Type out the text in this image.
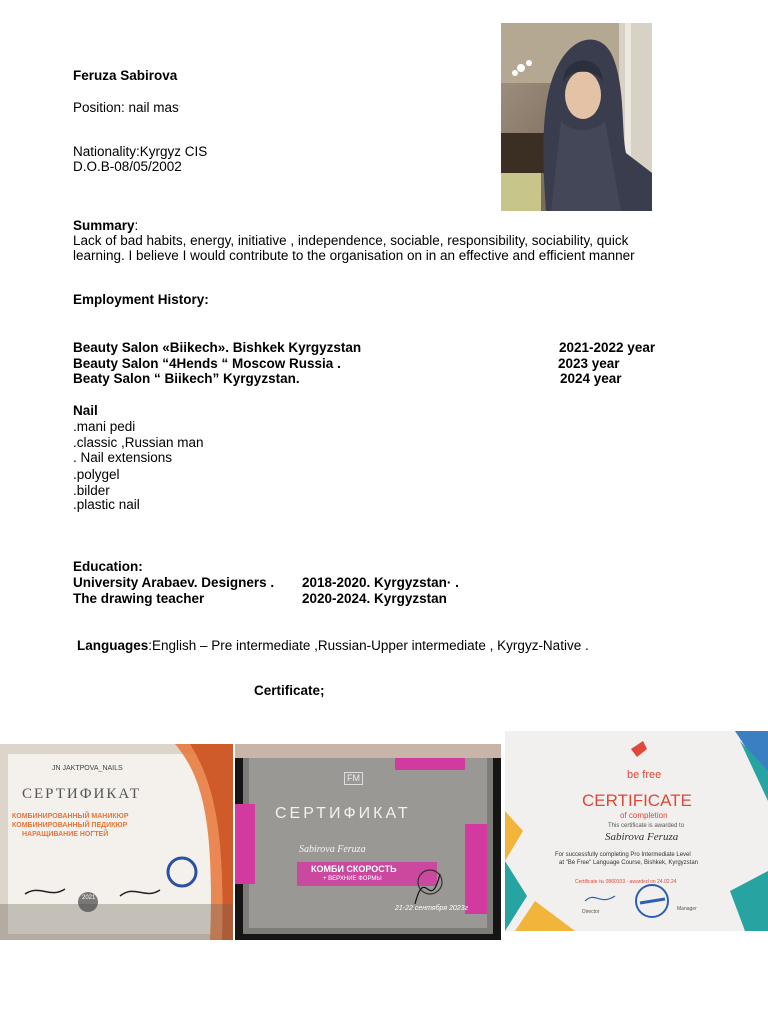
Feruza Sabirova
Position: nail mas'
Nationality:Kyrgyz CIS
D.O.B-08/05/2002
Summary:
Lack of bad habits, energy, initiative , independence, sociable, responsibility, sociability, quick
learning. I believe I would contribute to the organisation on in an effective and efficient manner
Employment History:
Beauty Salon «Biikech». Bishkek Kyrgyzstan	2021-2022 year
Beauty Salon “4Hends “ Moscow Russia .	2023 year
Beaty Salon “ Biikech” Kyrgyzstan.	2024 year
Nail
.mani pedi
.classic ,Russian man
. Nail extensions
.polygel
.bilder
.plastic nail
Education:
University Arabaev. Designers . 2018-2020. Kyrgyzstan· .
The drawing teacher	2020-2024. Kyrgyzstan
Languages:English – Pre intermediate ,Russian-Upper intermediate , Kyrgyz-Native .
Certificate;
JN JAKTPOVA_NAILS
СЕРТИФИКАТ
КОМБИНИРОВАННЫЙ МАНИКЮР
КОМБИНИРОВАННЫЙ ПЕДИКЮР
НАРАЩИВАНИЕ НОГТЕЙ
2021
FM
СЕРТИФИКАТ
Sabirova Feruza
КОМБИ СКОРОСТЬ
+ ВЕРХНИЕ ФОРМЫ
21-22 сентября 2023г
be free
CERTIFICATE
of completion
This certificate is awarded to
Sabirova Feruza
For successfully completing Pro Intermediate Level
at "Be Free" Language Course, Bishkek, Kyrgyzstan
Certificate № 0860103 · awarded on 24.02.24
Director	Manager
